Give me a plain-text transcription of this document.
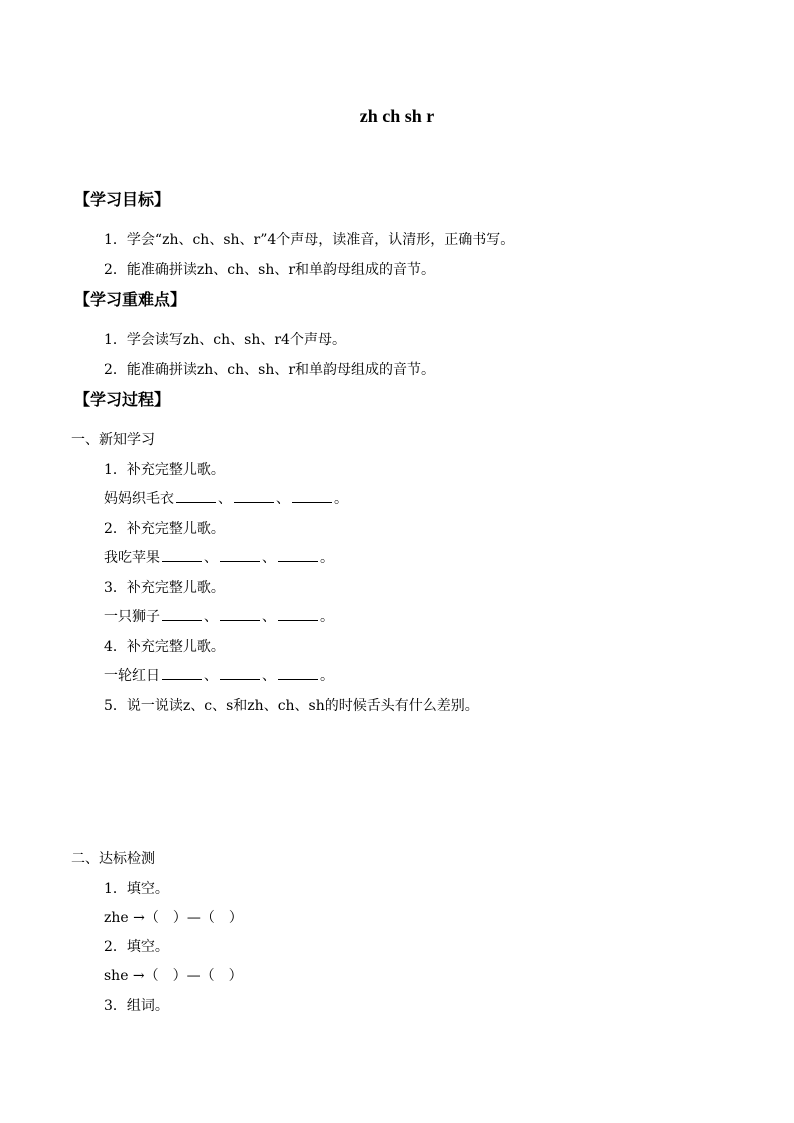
zh ch sh r
【学习目标】
1．学会“zh、ch、sh、r”4个声母，读准音，认清形，正确书写。
2．能准确拼读zh、ch、sh、r和单韵母组成的音节。
【学习重难点】
1．学会读写zh、ch、sh、r4个声母。
2．能准确拼读zh、ch、sh、r和单韵母组成的音节。
【学习过程】
一、新知学习
1．补充完整儿歌。
妈妈织毛衣	、	、	。
2．补充完整儿歌。
我吃苹果	、	、	。
3．补充完整儿歌。
一只狮子	、	、	。
4．补充完整儿歌。
一轮红日	、	、	。
5．说一说读z、c、s和zh、ch、sh的时候舌头有什么差别。
二、达标检测
1．填空。
zhe →（　）—（　）
2．填空。
she →（　）—（　）
3．组词。
